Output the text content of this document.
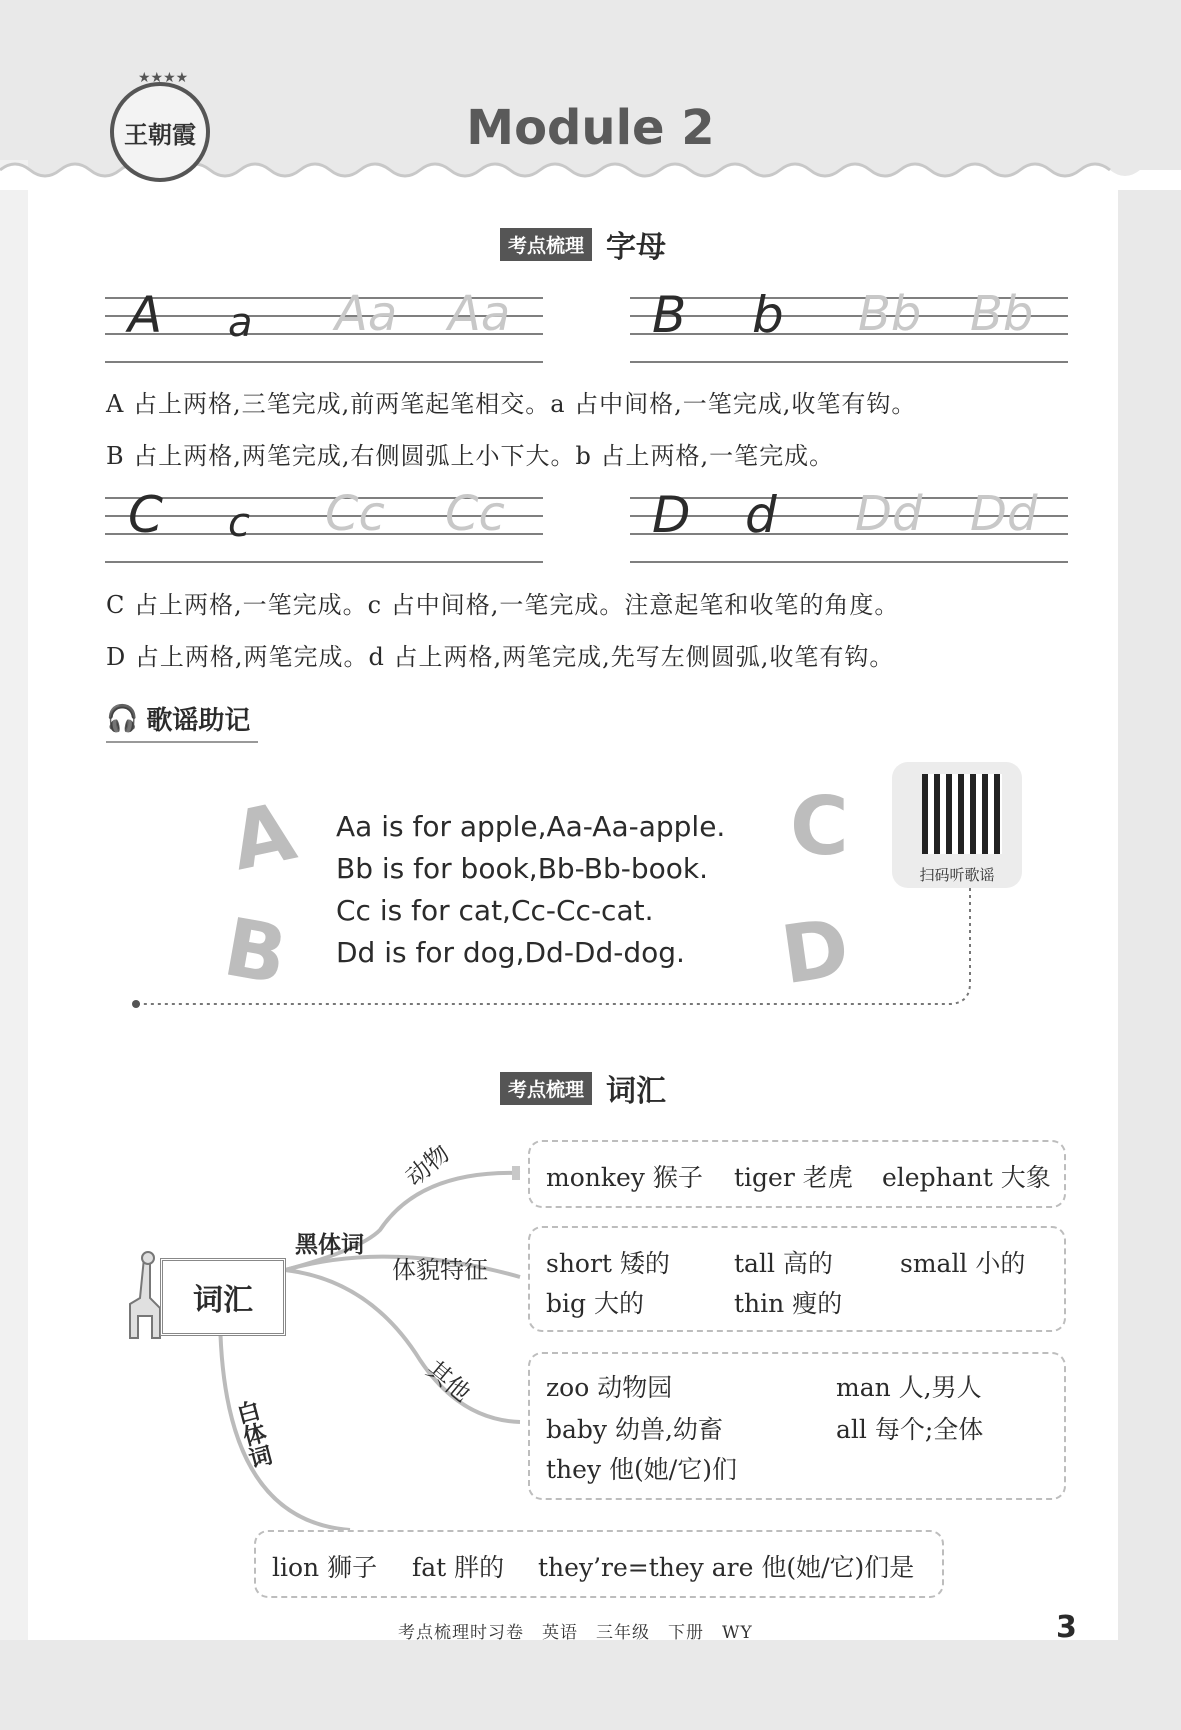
王朝霞
★★★★
Module 2
考点梳理 字母
A a Aa Aa	B b Bb Bb
A 占上两格,三笔完成,前两笔起笔相交。a 占中间格,一笔完成,收笔有钩。
B 占上两格,两笔完成,右侧圆弧上小下大。b 占上两格,一笔完成。
C c Cc Cc	D d Dd Dd
C 占上两格,一笔完成。c 占中间格,一笔完成。注意起笔和收笔的角度。
D 占上两格,两笔完成。d 占上两格,两笔完成,先写左侧圆弧,收笔有钩。
🎧 歌谣助记
A
B
C
D
Aa is for apple,Aa-Aa-apple.
Bb is for book,Bb-Bb-book.
Cc is for cat,Cc-Cc-cat.
Dd is for dog,Dd-Dd-dog.
扫码听歌谣
考点梳理 词汇
词汇
黑体词
白体词
动物
体貌特征
其他
monkey 猴子 tiger 老虎 elephant 大象
short 矮的	tall 高的	small 小的
big 大的	thin 瘦的
zoo 动物园	man 人,男人
baby 幼兽,幼畜	all 每个;全体
they 他(她/它)们
lion 狮子 fat 胖的 they’re=they are 他(她/它)们是
考点梳理时习卷　英语　三年级　下册　WY	3
